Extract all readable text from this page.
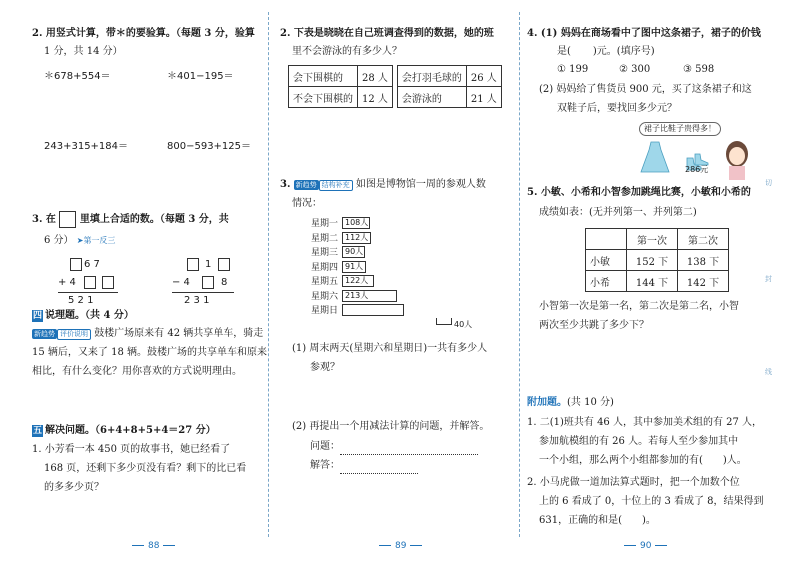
2. 用竖式计算，带＊的要验算。（每题 3 分，验算
1 分，共 14 分）
＊678+554＝	＊401−195＝
243+315+184＝	800−593+125＝
3. 在 里填上合适的数。（每题 3 分，共
6 分） ➤第一反三
6 7
+ 4
5 2 1
1
− 4	8
2 3 1
四 说理题。（共 4 分）
新趋势 评价说明 鼓楼广场原来有 42 辆共享单车，骑走
15 辆后，又来了 18 辆。鼓楼广场的共享单车和原来
相比，有什么变化？用你喜欢的方式说明理由。
五 解决问题。（6+4+8+5+4＝27 分）
1. 小芳看一本 450 页的故事书，她已经看了
168 页，还剩下多少页没有看？剩下的比已看
的多多少页？
88
2. 下表是晓晓在自己班调查得到的数据，她的班
里不会游泳的有多少人？
会下围棋的	28 人		会打羽毛球的	26 人
不会下围棋的	12 人		会游泳的	21 人
3. 新趋势 结构补充 如图是博物馆一周的参观人数
情况：
星期一 108人
星期二 112人
星期三 90人
星期四 91人
星期五 122人
星期六 213人
星期日
40人
(1) 周末两天(星期六和星期日)一共有多少人
参观？
(2) 再提出一个用减法计算的问题，并解答。
问题：
解答：
89
4. (1) 妈妈在商场看中了图中这条裙子，裙子的价钱
是( )元。(填序号)
① 199	② 300	③ 598
(2) 妈妈给了售货员 900 元，买了这条裙子和这
双鞋子后，要找回多少元？
裙子比鞋子贵得多！
286元
5. 小敏、小希和小智参加跳绳比赛，小敏和小希的
成绩如表：(无并列第一、并列第二)
	第一次	第二次
小敏	152 下	138 下
小希	144 下	142 下
小智第一次是第一名，第二次是第二名，小智
两次至少共跳了多少下？
附加题。(共 10 分)
1. 二(1)班共有 46 人，其中参加美术组的有 27 人，
参加航模组的有 26 人。若每人至少参加其中
一个小组，那么两个小组都参加的有( )人。
2. 小马虎做一道加法算式题时，把一个加数个位
上的 6 看成了 0，十位上的 3 看成了 8，结果得到
631，正确的和是( )。
90
切
封
线
